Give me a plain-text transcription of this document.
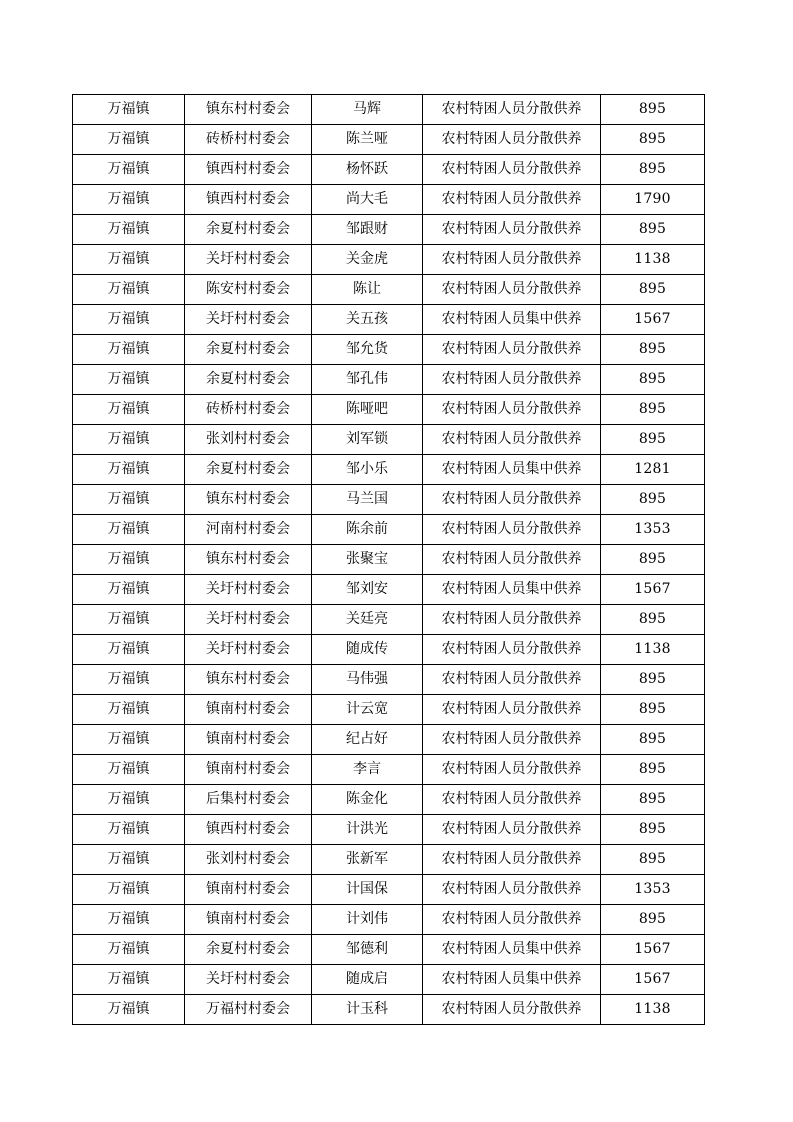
万福镇	镇东村村委会	马辉	农村特困人员分散供养	895
万福镇	砖桥村村委会	陈兰哑	农村特困人员分散供养	895
万福镇	镇西村村委会	杨怀跃	农村特困人员分散供养	895
万福镇	镇西村村委会	尚大毛	农村特困人员分散供养	1790
万福镇	余夏村村委会	邹跟财	农村特困人员分散供养	895
万福镇	关圩村村委会	关金虎	农村特困人员分散供养	1138
万福镇	陈安村村委会	陈让	农村特困人员分散供养	895
万福镇	关圩村村委会	关五孩	农村特困人员集中供养	1567
万福镇	余夏村村委会	邹允货	农村特困人员分散供养	895
万福镇	余夏村村委会	邹孔伟	农村特困人员分散供养	895
万福镇	砖桥村村委会	陈哑吧	农村特困人员分散供养	895
万福镇	张刘村村委会	刘军锁	农村特困人员分散供养	895
万福镇	余夏村村委会	邹小乐	农村特困人员集中供养	1281
万福镇	镇东村村委会	马兰国	农村特困人员分散供养	895
万福镇	河南村村委会	陈余前	农村特困人员分散供养	1353
万福镇	镇东村村委会	张聚宝	农村特困人员分散供养	895
万福镇	关圩村村委会	邹刘安	农村特困人员集中供养	1567
万福镇	关圩村村委会	关廷亮	农村特困人员分散供养	895
万福镇	关圩村村委会	随成传	农村特困人员分散供养	1138
万福镇	镇东村村委会	马伟强	农村特困人员分散供养	895
万福镇	镇南村村委会	计云宽	农村特困人员分散供养	895
万福镇	镇南村村委会	纪占好	农村特困人员分散供养	895
万福镇	镇南村村委会	李言	农村特困人员分散供养	895
万福镇	后集村村委会	陈金化	农村特困人员分散供养	895
万福镇	镇西村村委会	计洪光	农村特困人员分散供养	895
万福镇	张刘村村委会	张新军	农村特困人员分散供养	895
万福镇	镇南村村委会	计国保	农村特困人员分散供养	1353
万福镇	镇南村村委会	计刘伟	农村特困人员分散供养	895
万福镇	余夏村村委会	邹德利	农村特困人员集中供养	1567
万福镇	关圩村村委会	随成启	农村特困人员集中供养	1567
万福镇	万福村村委会	计玉科	农村特困人员分散供养	1138
